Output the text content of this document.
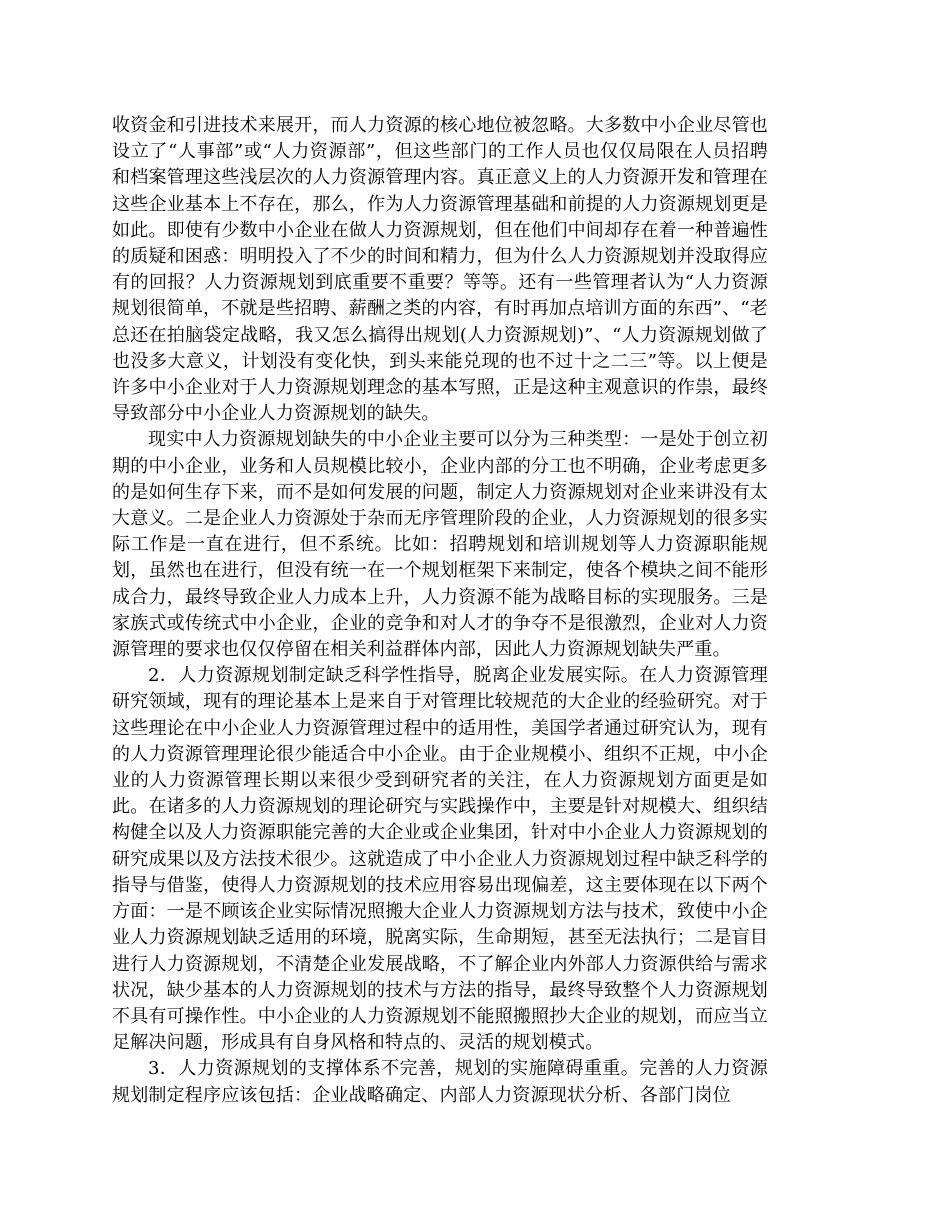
收资金和引进技术来展开，而人力资源的核心地位被忽略。大多数中小企业尽管也设立了“人事部”或“人力资源部”，但这些部门的工作人员也仅仅局限在人员招聘和档案管理这些浅层次的人力资源管理内容。真正意义上的人力资源开发和管理在这些企业基本上不存在，那么，作为人力资源管理基础和前提的人力资源规划更是如此。即使有少数中小企业在做人力资源规划，但在他们中间却存在着一种普遍性的质疑和困惑：明明投入了不少的时间和精力，但为什么人力资源规划并没取得应有的回报？人力资源规划到底重要不重要？等等。还有一些管理者认为“人力资源规划很简单，不就是些招聘、薪酬之类的内容，有时再加点培训方面的东西”、“老总还在拍脑袋定战略，我又怎么搞得出规划(人力资源规划)”、“人力资源规划做了也没多大意义，计划没有变化快，到头来能兑现的也不过十之二三”等。以上便是许多中小企业对于人力资源规划理念的基本写照，正是这种主观意识的作祟，最终导致部分中小企业人力资源规划的缺失。

现实中人力资源规划缺失的中小企业主要可以分为三种类型：一是处于创立初期的中小企业，业务和人员规模比较小，企业内部的分工也不明确，企业考虑更多的是如何生存下来，而不是如何发展的问题，制定人力资源规划对企业来讲没有太大意义。二是企业人力资源处于杂而无序管理阶段的企业，人力资源规划的很多实际工作是一直在进行，但不系统。比如：招聘规划和培训规划等人力资源职能规划，虽然也在进行，但没有统一在一个规划框架下来制定，使各个模块之间不能形成合力，最终导致企业人力成本上升，人力资源不能为战略目标的实现服务。三是家族式或传统式中小企业，企业的竞争和对人才的争夺不是很激烈，企业对人力资源管理的要求也仅仅停留在相关利益群体内部，因此人力资源规划缺失严重。

2．人力资源规划制定缺乏科学性指导，脱离企业发展实际。在人力资源管理研究领域，现有的理论基本上是来自于对管理比较规范的大企业的经验研究。对于这些理论在中小企业人力资源管理过程中的适用性，美国学者通过研究认为，现有的人力资源管理理论很少能适合中小企业。由于企业规模小、组织不正规，中小企业的人力资源管理长期以来很少受到研究者的关注，在人力资源规划方面更是如此。在诸多的人力资源规划的理论研究与实践操作中，主要是针对规模大、组织结构健全以及人力资源职能完善的大企业或企业集团，针对中小企业人力资源规划的研究成果以及方法技术很少。这就造成了中小企业人力资源规划过程中缺乏科学的指导与借鉴，使得人力资源规划的技术应用容易出现偏差，这主要体现在以下两个方面：一是不顾该企业实际情况照搬大企业人力资源规划方法与技术，致使中小企业人力资源规划缺乏适用的环境，脱离实际，生命期短，甚至无法执行；二是盲目进行人力资源规划，不清楚企业发展战略，不了解企业内外部人力资源供给与需求状况，缺少基本的人力资源规划的技术与方法的指导，最终导致整个人力资源规划不具有可操作性。中小企业的人力资源规划不能照搬照抄大企业的规划，而应当立足解决问题，形成具有自身风格和特点的、灵活的规划模式。

3．人力资源规划的支撑体系不完善，规划的实施障碍重重。完善的人力资源规划制定程序应该包括：企业战略确定、内部人力资源现状分析、各部门岗位
